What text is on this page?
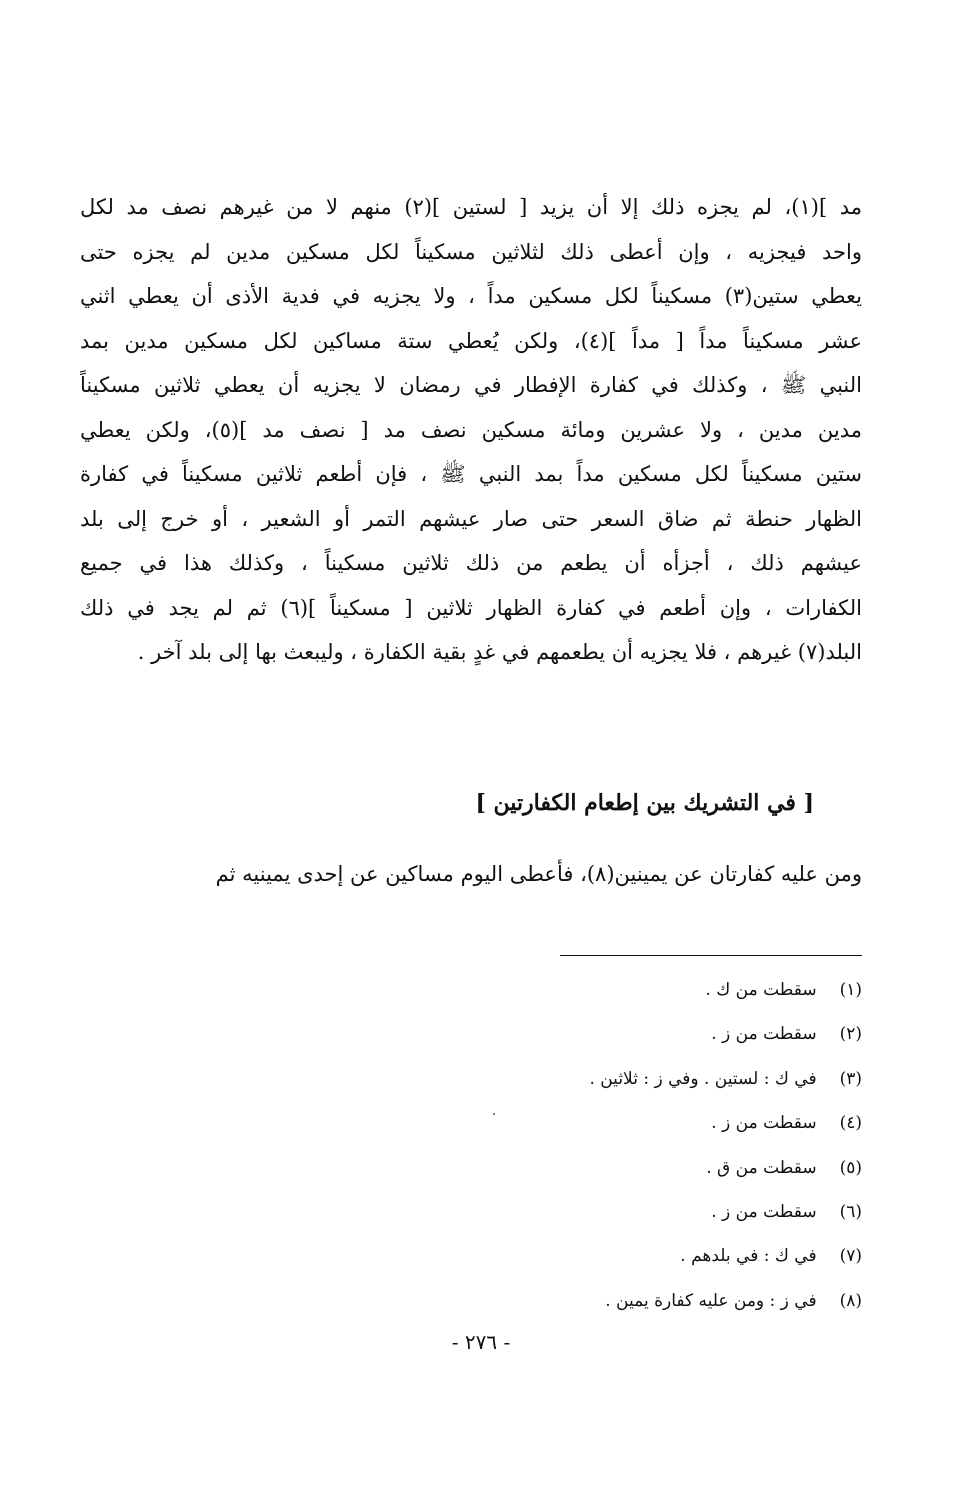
مد ](١)، لم يجزه ذلك إلا أن يزيد [ لستين ](٢) منهم لا من غيرهم نصف مد لكل
واحد فيجزيه ، وإن أعطى ذلك لثلاثين مسكيناً لكل مسكين مدين لم يجزه حتى
يعطي ستين(٣) مسكيناً لكل مسكين مداً ، ولا يجزيه في فدية الأذى أن يعطي اثني
عشر مسكيناً مداً [ مداً ](٤)، ولكن يُعطي ستة مساكين لكل مسكين مدين بمد
النبي ﷺ ، وكذلك في كفارة الإفطار في رمضان لا يجزيه أن يعطي ثلاثين مسكيناً
مدين مدين ، ولا عشرين ومائة مسكين نصف مد [ نصف مد ](٥)، ولكن يعطي
ستين مسكيناً لكل مسكين مداً بمد النبي ﷺ ، فإن أطعم ثلاثين مسكيناً في كفارة
الظهار حنطة ثم ضاق السعر حتى صار عيشهم التمر أو الشعير ، أو خرج إلى بلد
عيشهم ذلك ، أجزأه أن يطعم من ذلك ثلاثين مسكيناً ، وكذلك هذا في جميع
الكفارات ، وإن أطعم في كفارة الظهار ثلاثين [ مسكيناً ](٦) ثم لم يجد في ذلك
البلد(٧) غيرهم ، فلا يجزيه أن يطعمهم في غدٍ بقية الكفارة ، وليبعث بها إلى بلد آخر .
[ في التشريك بين إطعام الكفارتين ]
ومن عليه كفارتان عن يمينين(٨)، فأعطى اليوم مساكين عن إحدى يمينيه ثم
(١) سقطت من ك .
(٢) سقطت من ز .
(٣) في ك : لستين . وفي ز : ثلاثين .
(٤) سقطت من ز .
(٥) سقطت من ق .
(٦) سقطت من ز .
(٧) في ك : في بلدهم .
(٨) في ز : ومن عليه كفارة يمين .
- ٢٧٦ -
